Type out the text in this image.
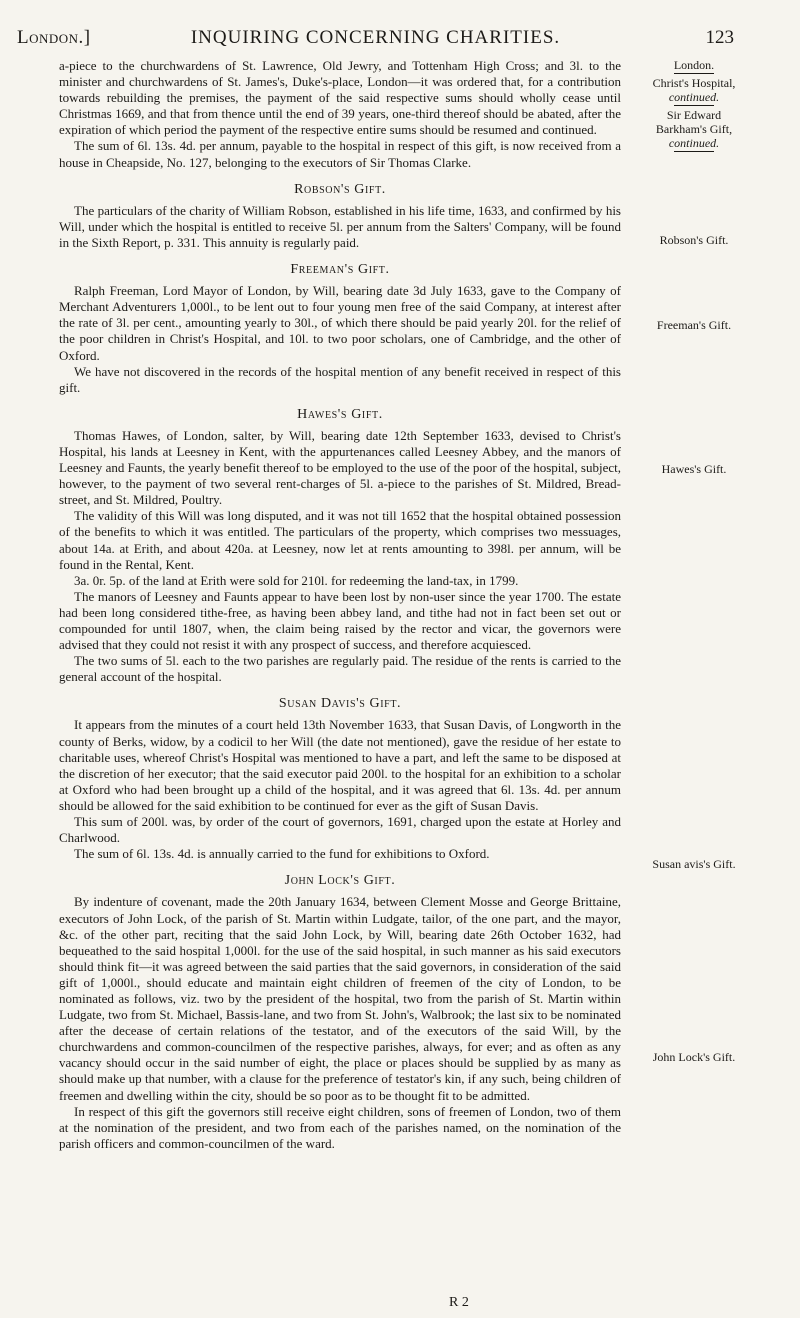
London.]	INQUIRING CONCERNING CHARITIES.	123

a-piece to the churchwardens of St. Lawrence, Old Jewry, and Tottenham High Cross; and 3l. to the minister and churchwardens of St. James's, Duke's-place, London—it was ordered that, for a contribution towards rebuilding the premises, the payment of the said respective sums should wholly cease until Christmas 1669, and that from thence until the end of 39 years, one-third thereof should be abated, after the expiration of which period the payment of the respective entire sums should be resumed and continued.

The sum of 6l. 13s. 4d. per annum, payable to the hospital in respect of this gift, is now received from a house in Cheapside, No. 127, belonging to the executors of Sir Thomas Clarke.

Robson's Gift.

The particulars of the charity of William Robson, established in his life time, 1633, and confirmed by his Will, under which the hospital is entitled to receive 5l. per annum from the Salters' Company, will be found in the Sixth Report, p. 331. This annuity is regularly paid.

Freeman's Gift.

Ralph Freeman, Lord Mayor of London, by Will, bearing date 3d July 1633, gave to the Company of Merchant Adventurers 1,000l., to be lent out to four young men free of the said Company, at interest after the rate of 3l. per cent., amounting yearly to 30l., of which there should be paid yearly 20l. for the relief of the poor children in Christ's Hospital, and 10l. to two poor scholars, one of Cambridge, and the other of Oxford.

We have not discovered in the records of the hospital mention of any benefit received in respect of this gift.

Hawes's Gift.

Thomas Hawes, of London, salter, by Will, bearing date 12th September 1633, devised to Christ's Hospital, his lands at Leesney in Kent, with the appurtenances called Leesney Abbey, and the manors of Leesney and Faunts, the yearly benefit thereof to be employed to the use of the poor of the hospital, subject, however, to the payment of two several rent-charges of 5l. a-piece to the parishes of St. Mildred, Bread-street, and St. Mildred, Poultry.

The validity of this Will was long disputed, and it was not till 1652 that the hospital obtained possession of the benefits to which it was entitled. The particulars of the property, which comprises two messuages, about 14a. at Erith, and about 420a. at Leesney, now let at rents amounting to 398l. per annum, will be found in the Rental, Kent.

3a. 0r. 5p. of the land at Erith were sold for 210l. for redeeming the land-tax, in 1799.

The manors of Leesney and Faunts appear to have been lost by non-user since the year 1700. The estate had been long considered tithe-free, as having been abbey land, and tithe had not in fact been set out or compounded for until 1807, when, the claim being raised by the rector and vicar, the governors were advised that they could not resist it with any prospect of success, and therefore acquiesced.

The two sums of 5l. each to the two parishes are regularly paid. The residue of the rents is carried to the general account of the hospital.

Susan Davis's Gift.

It appears from the minutes of a court held 13th November 1633, that Susan Davis, of Longworth in the county of Berks, widow, by a codicil to her Will (the date not mentioned), gave the residue of her estate to charitable uses, whereof Christ's Hospital was mentioned to have a part, and left the same to be disposed at the discretion of her executor; that the said executor paid 200l. to the hospital for an exhibition to a scholar at Oxford who had been brought up a child of the hospital, and it was agreed that 6l. 13s. 4d. per annum should be allowed for the said exhibition to be continued for ever as the gift of Susan Davis.

This sum of 200l. was, by order of the court of governors, 1691, charged upon the estate at Horley and Charlwood.

The sum of 6l. 13s. 4d. is annually carried to the fund for exhibitions to Oxford.

John Lock's Gift.

By indenture of covenant, made the 20th January 1634, between Clement Mosse and George Brittaine, executors of John Lock, of the parish of St. Martin within Ludgate, tailor, of the one part, and the mayor, &c. of the other part, reciting that the said John Lock, by Will, bearing date 26th October 1632, had bequeathed to the said hospital 1,000l. for the use of the said hospital, in such manner as his said executors should think fit—it was agreed between the said parties that the said governors, in consideration of the said gift of 1,000l., should educate and maintain eight children of freemen of the city of London, to be nominated as follows, viz. two by the president of the hospital, two from the parish of St. Martin within Ludgate, two from St. Michael, Bassis-lane, and two from St. John's, Walbrook; the last six to be nominated after the decease of certain relations of the testator, and of the executors of the said Will, by the churchwardens and common-councilmen of the respective parishes, always, for ever; and as often as any vacancy should occur in the said number of eight, the place or places should be supplied by as many as should make up that number, with a clause for the preference of testator's kin, if any such, being children of freemen and dwelling within the city, should be so poor as to be thought fit to be admitted.

In respect of this gift the governors still receive eight children, sons of freemen of London, two of them at the nomination of the president, and two from each of the parishes named, on the nomination of the parish officers and common-councilmen of the ward.

London.
Christ's Hospital,
continued.
Sir Edward
Barkham's Gift,
continued.
Robson's Gift.
Freeman's Gift.
Hawes's Gift.
Susan avis's Gift.
John Lock's Gift.
R 2
